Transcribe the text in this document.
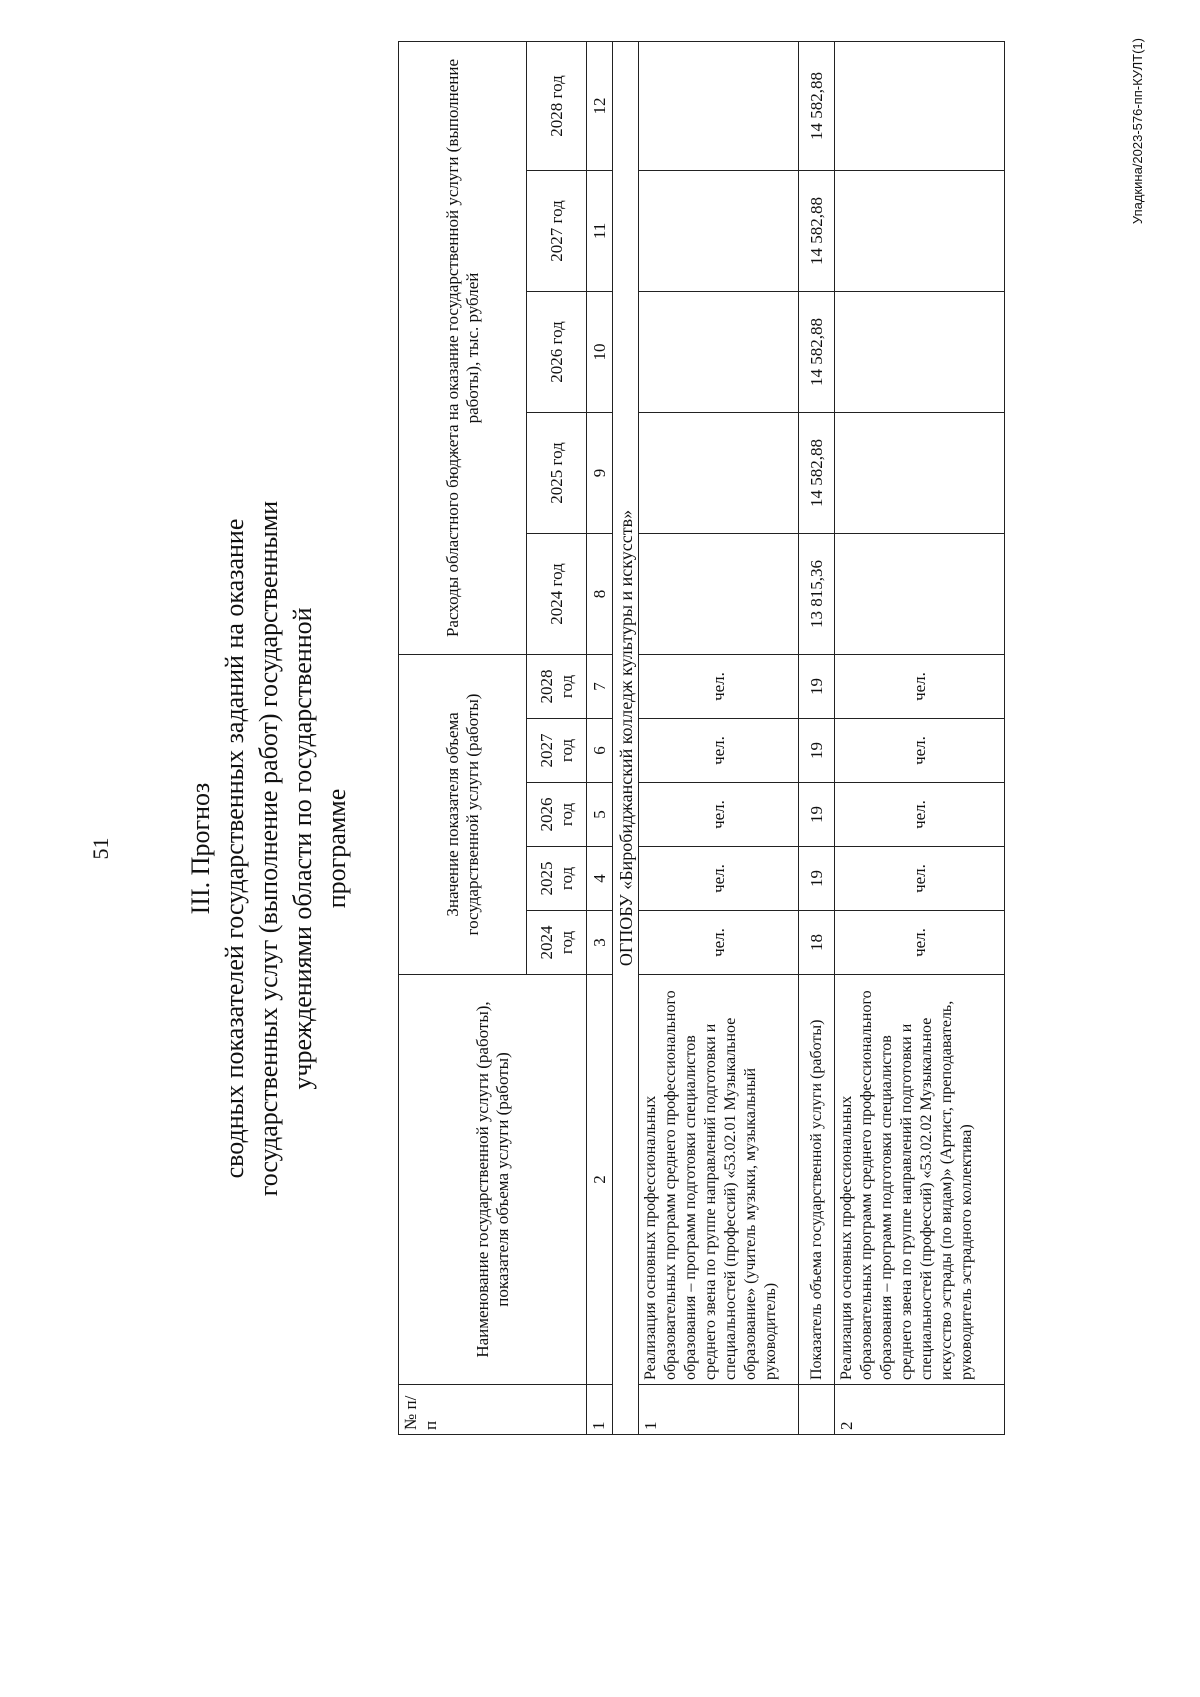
51	III. Прогноз сводных показателей государственных заданий на оказание государственных услуг (выполнение работ) государственными учреждениями области по государственной программе
№ п/п	Наименование государственной услуги (работы), показателя объема услуги (работы)	Значение показателя объема государственной услуги (работы)					Расходы областного бюджета на оказание государственной услуги (выполнение работы), тыс. рублей				
		2024 год	2025 год	2026 год	2027 год	2028 год	2024 год	2025 год	2026 год	2027 год	2028 год
1	2	3	4	5	6	7	8	9	10	11	12
ОГПОБУ «Биробиджанский колледж культуры и искусств»											
1	Реализация основных профессиональных образовательных программ среднего профессионального образования – программ подготовки специалистов среднего звена по группе направлений подготовки и специальностей (профессий) «53.02.01 Музыкальное образование» (учитель музыки, музыкальный руководитель)	чел.	чел.	чел.	чел.	чел.					
	Показатель объема государственной услуги (работы)	18	19	19	19	19	13 815,36	14 582,88	14 582,88	14 582,88	14 582,88
2	Реализация основных профессиональных образовательных программ среднего профессионального образования – программ подготовки специалистов среднего звена по группе направлений подготовки и специальностей (профессий) «53.02.02 Музыкальное искусство эстрады (по видам)» (Артист, преподаватель, руководитель эстрадного коллектива)	чел.	чел.	чел.	чел.	чел.					
Упадкина/2023-576-пп-КУЛТ(1)
